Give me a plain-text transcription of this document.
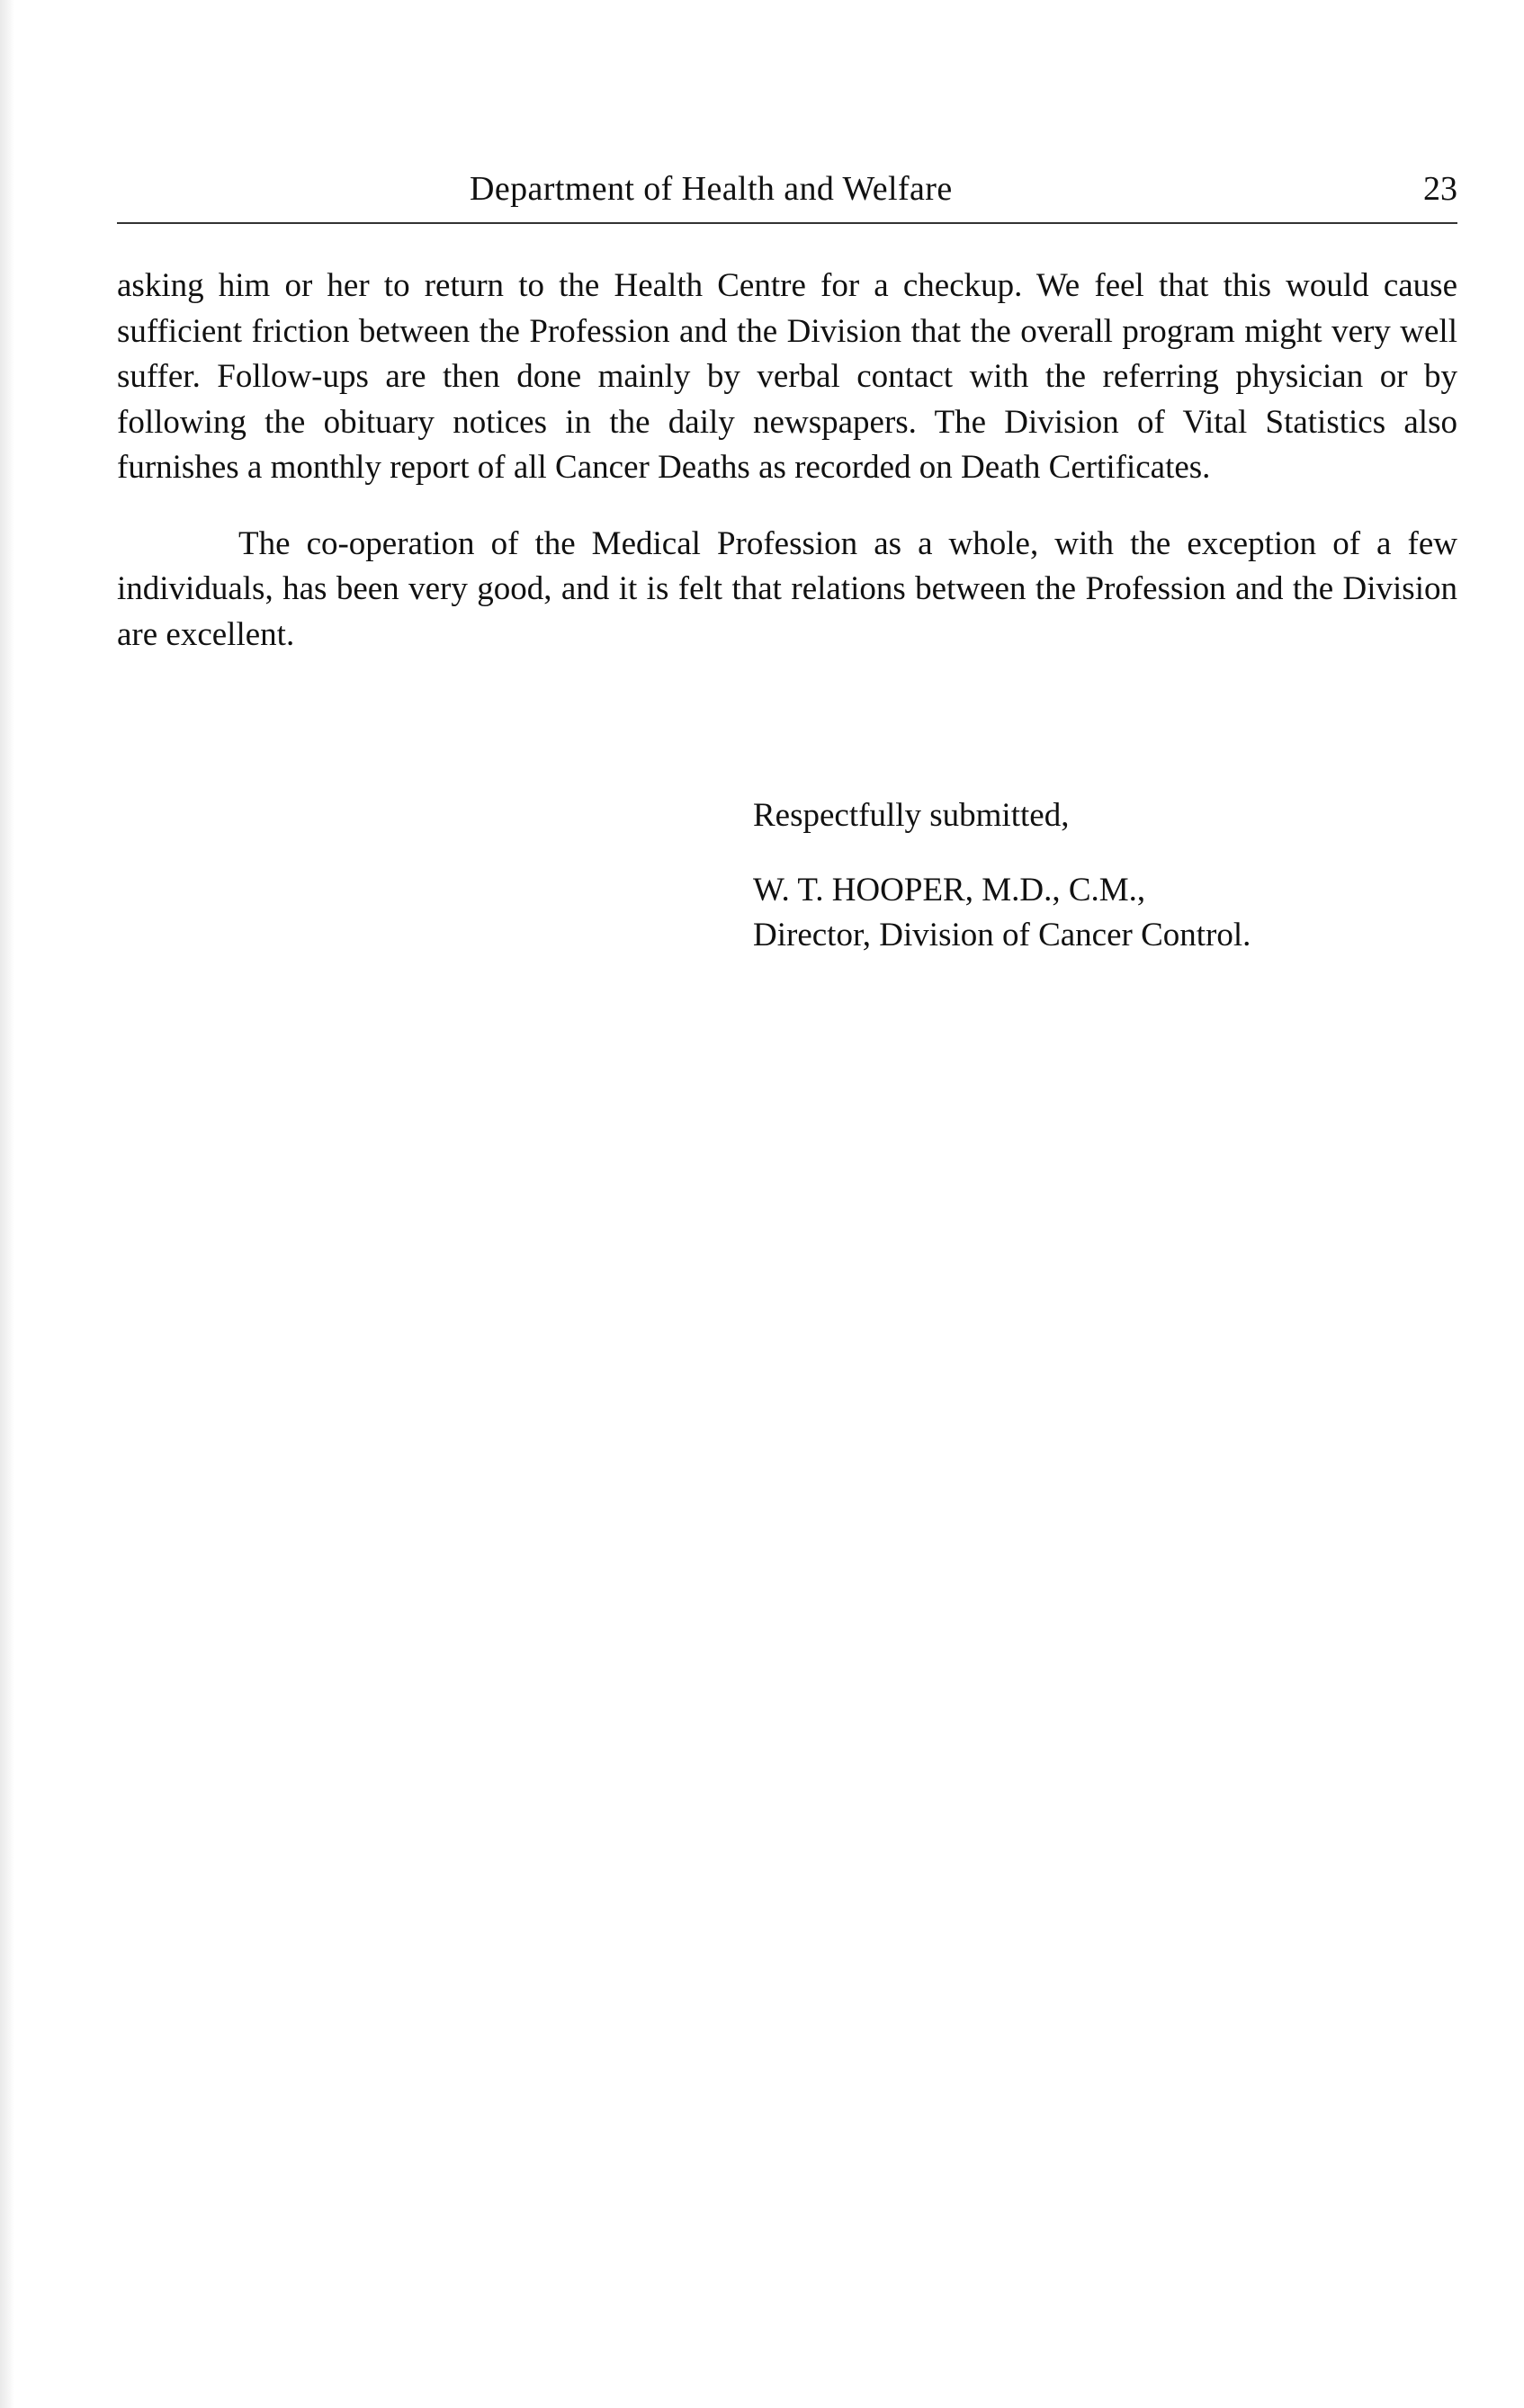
Department of Health and Welfare	23

asking him or her to return to the Health Centre for a checkup. We feel that this would cause sufficient friction between the Profession and the Division that the overall program might very well suffer. Follow-ups are then done mainly by verbal contact with the referring physician or by following the obituary notices in the daily newspapers. The Division of Vital Statistics also furnishes a monthly report of all Cancer Deaths as recorded on Death Certificates.

The co-operation of the Medical Profession as a whole, with the exception of a few individuals, has been very good, and it is felt that relations between the Profession and the Division are excellent.

Respectfully submitted,

W. T. HOOPER, M.D., C.M.,

Director, Division of Cancer Control.
